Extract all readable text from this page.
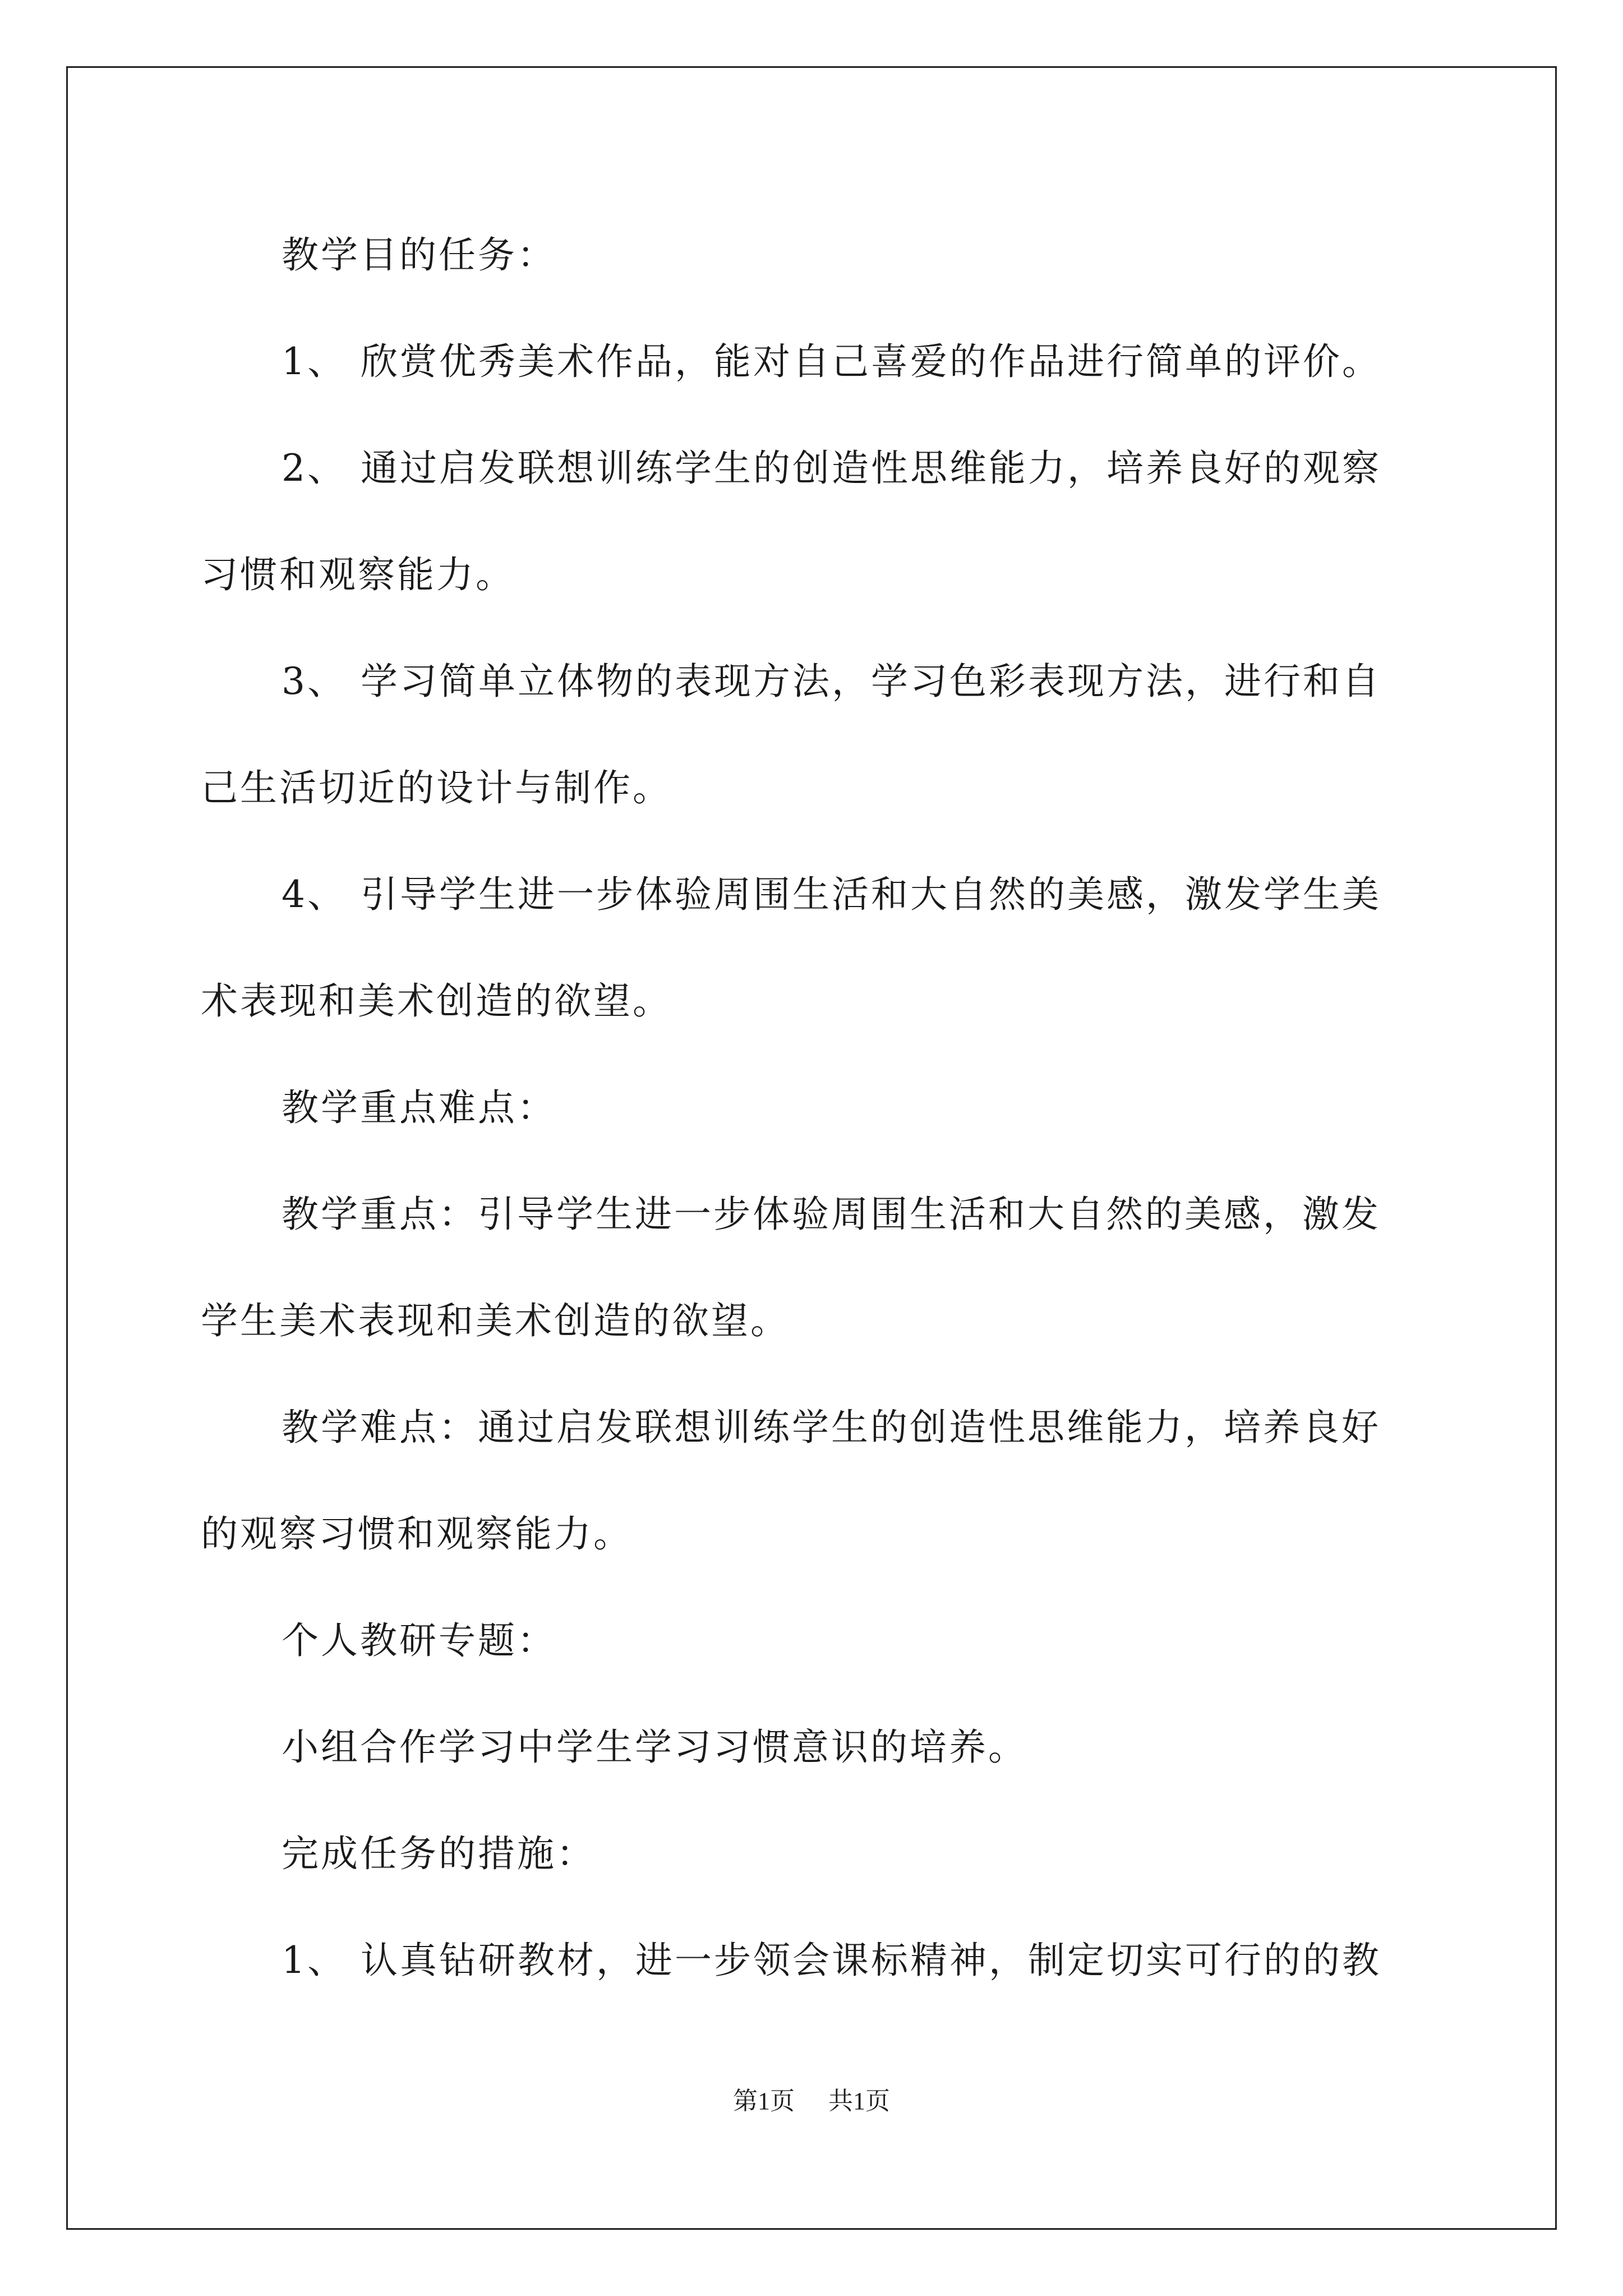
教学目的任务：
1、 欣赏优秀美术作品，能对自己喜爱的作品进行简单的评价。
2、 通过启发联想训练学生的创造性思维能力，培养良好的观察
习惯和观察能力。
3、 学习简单立体物的表现方法，学习色彩表现方法，进行和自
己生活切近的设计与制作。
4、 引导学生进一步体验周围生活和大自然的美感，激发学生美
术表现和美术创造的欲望。
教学重点难点：
教学重点：引导学生进一步体验周围生活和大自然的美感，激发
学生美术表现和美术创造的欲望。
教学难点：通过启发联想训练学生的创造性思维能力，培养良好
的观察习惯和观察能力。
个人教研专题：
小组合作学习中学生学习习惯意识的培养。
完成任务的措施：
1、 认真钻研教材，进一步领会课标精神，制定切实可行的的教
第1页 共1页
